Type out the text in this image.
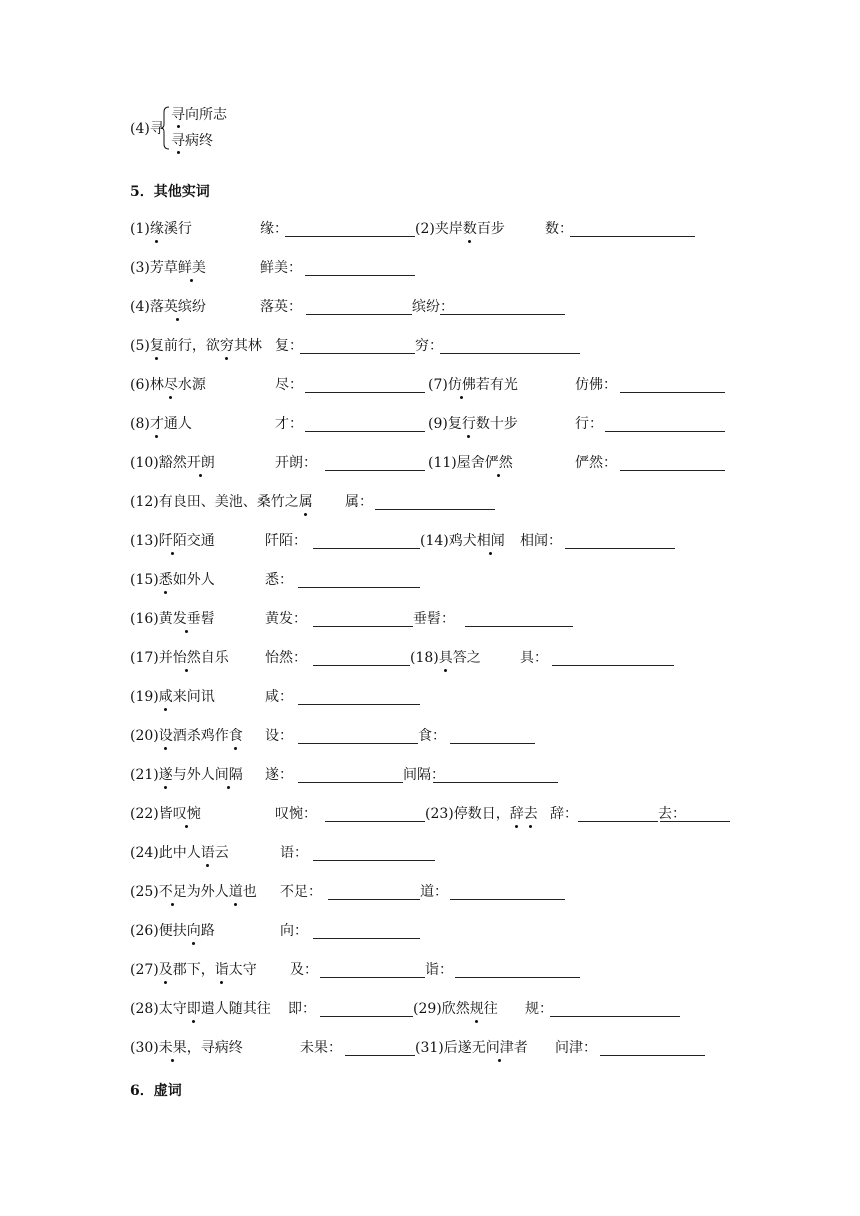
(4)寻
寻向所志
寻病终
5．其他实词
(1)缘溪行	缘：	(2)夹岸数百步	数：
(3)芳草鲜美	鲜美：
(4)落英缤纷	落英：	缤纷：
(5)复前行，欲穷其林 复：	穷：
(6)林尽水源	尽：	(7)仿佛若有光	仿佛：
(8)才通人	才：	(9)复行数十步	行：
(10)豁然开朗	开朗：	(11)屋舍俨然	俨然：
(12)有良田、美池、桑竹之属 属：
(13)阡陌交通	阡陌：	(14)鸡犬相闻 相闻：
(15)悉如外人	悉：
(16)黄发垂髫	黄发：	垂髫：
(17)并怡然自乐	怡然：	(18)具答之	具：
(19)咸来问讯	咸：
(20)设酒杀鸡作食 设：	食：
(21)遂与外人间隔 遂：	间隔：
(22)皆叹惋	叹惋：	(23)停数日，辞去 辞：	去：
(24)此中人语云	语：
(25)不足为外人道也 不足：	道：
(26)便扶向路	向：
(27)及郡下，诣太守 及：	诣：
(28)太守即遣人随其往 即：	(29)欣然规往 规：
(30)未果，寻病终	未果：	(31)后遂无问津者 问津：
6．虚词
